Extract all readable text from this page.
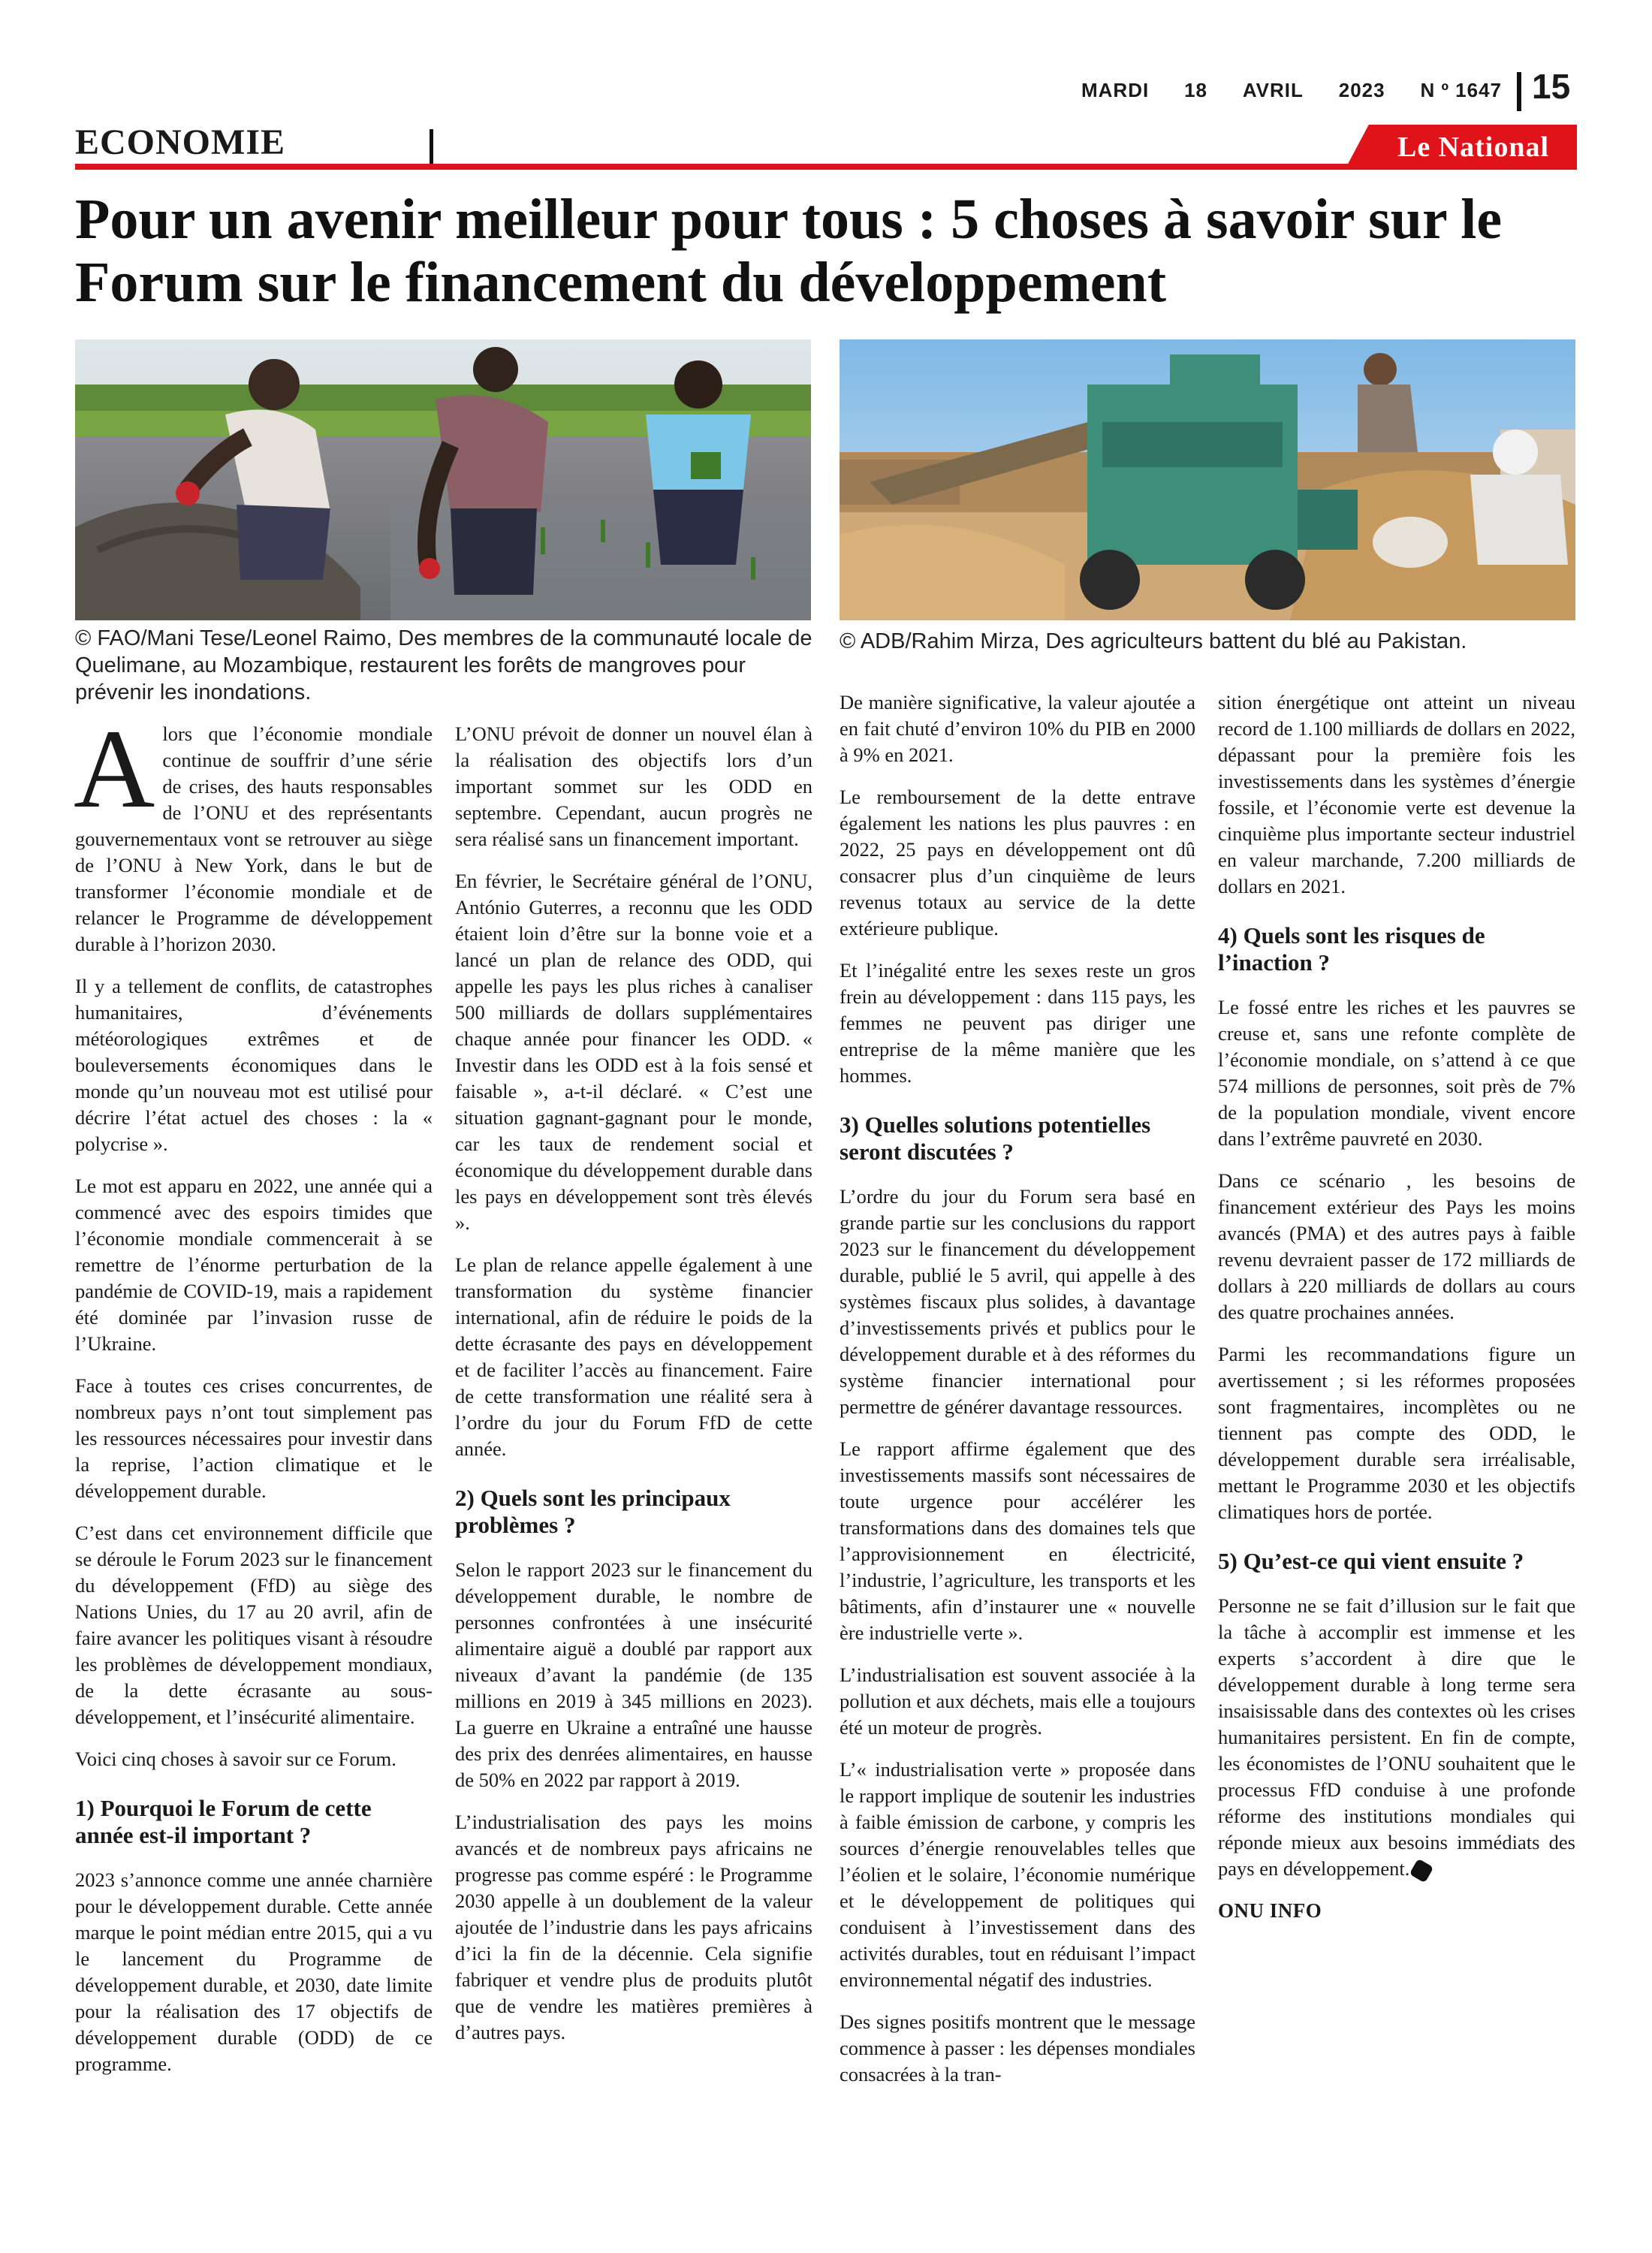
MARDI 18 AVRIL 2023 N º 1647 15
ECONOMIE	Le National
Pour un avenir meilleur pour tous : 5 choses à savoir sur le Forum sur le financement du développement
© FAO/Mani Tese/Leonel Raimo, Des membres de la communauté locale de Quelimane, au Mozambique, restaurent les forêts de mangroves pour prévenir les inondations.
© ADB/Rahim Mirza, Des agriculteurs battent du blé au Pakistan.

Alors que l’économie mondiale continue de souffrir d’une série de crises, des hauts responsables de l’ONU et des représentants gouvernementaux vont se retrouver au siège de l’ONU à New York, dans le but de transformer l’économie mondiale et de relancer le Programme de développement durable à l’horizon 2030.

Il y a tellement de conflits, de catastrophes humanitaires, d’événements météorologiques extrêmes et de bouleversements économiques dans le monde qu’un nouveau mot est utilisé pour décrire l’état actuel des choses : la « polycrise ».

Le mot est apparu en 2022, une année qui a commencé avec des espoirs timides que l’économie mondiale commencerait à se remettre de l’énorme perturbation de la pandémie de COVID-19, mais a rapidement été dominée par l’invasion russe de l’Ukraine.

Face à toutes ces crises concurrentes, de nombreux pays n’ont tout simplement pas les ressources nécessaires pour investir dans la reprise, l’action climatique et le développement durable.

C’est dans cet environnement difficile que se déroule le Forum 2023 sur le financement du développement (FfD) au siège des Nations Unies, du 17 au 20 avril, afin de faire avancer les politiques visant à résoudre les problèmes de développement mondiaux, de la dette écrasante au sous-développement, et l’insécurité alimentaire.

Voici cinq choses à savoir sur ce Forum.

1) Pourquoi le Forum de cette année est-il important ?

2023 s’annonce comme une année charnière pour le développement durable. Cette année marque le point médian entre 2015, qui a vu le lancement du Programme de développement durable, et 2030, date limite pour la réalisation des 17 objectifs de développement durable (ODD) de ce programme.

L’ONU prévoit de donner un nouvel élan à la réalisation des objectifs lors d’un important sommet sur les ODD en septembre. Cependant, aucun progrès ne sera réalisé sans un financement important.

En février, le Secrétaire général de l’ONU, António Guterres, a reconnu que les ODD étaient loin d’être sur la bonne voie et a lancé un plan de relance des ODD, qui appelle les pays les plus riches à canaliser 500 milliards de dollars supplémentaires chaque année pour financer les ODD. « Investir dans les ODD est à la fois sensé et faisable », a-t-il déclaré. « C’est une situation gagnant-gagnant pour le monde, car les taux de rendement social et économique du développement durable dans les pays en développement sont très élevés ».

Le plan de relance appelle également à une transformation du système financier international, afin de réduire le poids de la dette écrasante des pays en développement et de faciliter l’accès au financement. Faire de cette transformation une réalité sera à l’ordre du jour du Forum FfD de cette année.

2) Quels sont les principaux problèmes ?

Selon le rapport 2023 sur le financement du développement durable, le nombre de personnes confrontées à une insécurité alimentaire aiguë a doublé par rapport aux niveaux d’avant la pandémie (de 135 millions en 2019 à 345 millions en 2023). La guerre en Ukraine a entraîné une hausse des prix des denrées alimentaires, en hausse de 50% en 2022 par rapport à 2019.

L’industrialisation des pays les moins avancés et de nombreux pays africains ne progresse pas comme espéré : le Programme 2030 appelle à un doublement de la valeur ajoutée de l’industrie dans les pays africains d’ici la fin de la décennie. Cela signifie fabriquer et vendre plus de produits plutôt que de vendre les matières premières à d’autres pays.

De manière significative, la valeur ajoutée a en fait chuté d’environ 10% du PIB en 2000 à 9% en 2021.

Le remboursement de la dette entrave également les nations les plus pauvres : en 2022, 25 pays en développement ont dû consacrer plus d’un cinquième de leurs revenus totaux au service de la dette extérieure publique.

Et l’inégalité entre les sexes reste un gros frein au développement : dans 115 pays, les femmes ne peuvent pas diriger une entreprise de la même manière que les hommes.

3) Quelles solutions potentielles seront discutées ?

L’ordre du jour du Forum sera basé en grande partie sur les conclusions du rapport 2023 sur le financement du développement durable, publié le 5 avril, qui appelle à des systèmes fiscaux plus solides, à davantage d’investissements privés et publics pour le développement durable et à des réformes du système financier international pour permettre de générer davantage ressources.

Le rapport affirme également que des investissements massifs sont nécessaires de toute urgence pour accélérer les transformations dans des domaines tels que l’approvisionnement en électricité, l’industrie, l’agriculture, les transports et les bâtiments, afin d’instaurer une « nouvelle ère industrielle verte ».

L’industrialisation est souvent associée à la pollution et aux déchets, mais elle a toujours été un moteur de progrès.

L’« industrialisation verte » proposée dans le rapport implique de soutenir les industries à faible émission de carbone, y compris les sources d’énergie renouvelables telles que l’éolien et le solaire, l’économie numérique et le développement de politiques qui conduisent à l’investissement dans des activités durables, tout en réduisant l’impact environnemental négatif des industries.

Des signes positifs montrent que le message commence à passer : les dépenses mondiales consacrées à la tran-

sition énergétique ont atteint un niveau record de 1.100 milliards de dollars en 2022, dépassant pour la première fois les investissements dans les systèmes d’énergie fossile, et l’économie verte est devenue la cinquième plus importante secteur industriel en valeur marchande, 7.200 milliards de dollars en 2021.

4) Quels sont les risques de l’inaction ?

Le fossé entre les riches et les pauvres se creuse et, sans une refonte complète de l’économie mondiale, on s’attend à ce que 574 millions de personnes, soit près de 7% de la population mondiale, vivent encore dans l’extrême pauvreté en 2030.

Dans ce scénario , les besoins de financement extérieur des Pays les moins avancés (PMA) et des autres pays à faible revenu devraient passer de 172 milliards de dollars à 220 milliards de dollars au cours des quatre prochaines années.

Parmi les recommandations figure un avertissement ; si les réformes proposées sont fragmentaires, incomplètes ou ne tiennent pas compte des ODD, le développement durable sera irréalisable, mettant le Programme 2030 et les objectifs climatiques hors de portée.

5) Qu’est-ce qui vient ensuite ?

Personne ne se fait d’illusion sur le fait que la tâche à accomplir est immense et les experts s’accordent à dire que le développement durable à long terme sera insaisissable dans des contextes où les crises humanitaires persistent. En fin de compte, les économistes de l’ONU souhaitent que le processus FfD conduise à une profonde réforme des institutions mondiales qui réponde mieux aux besoins immédiats des pays en développement.

ONU INFO
